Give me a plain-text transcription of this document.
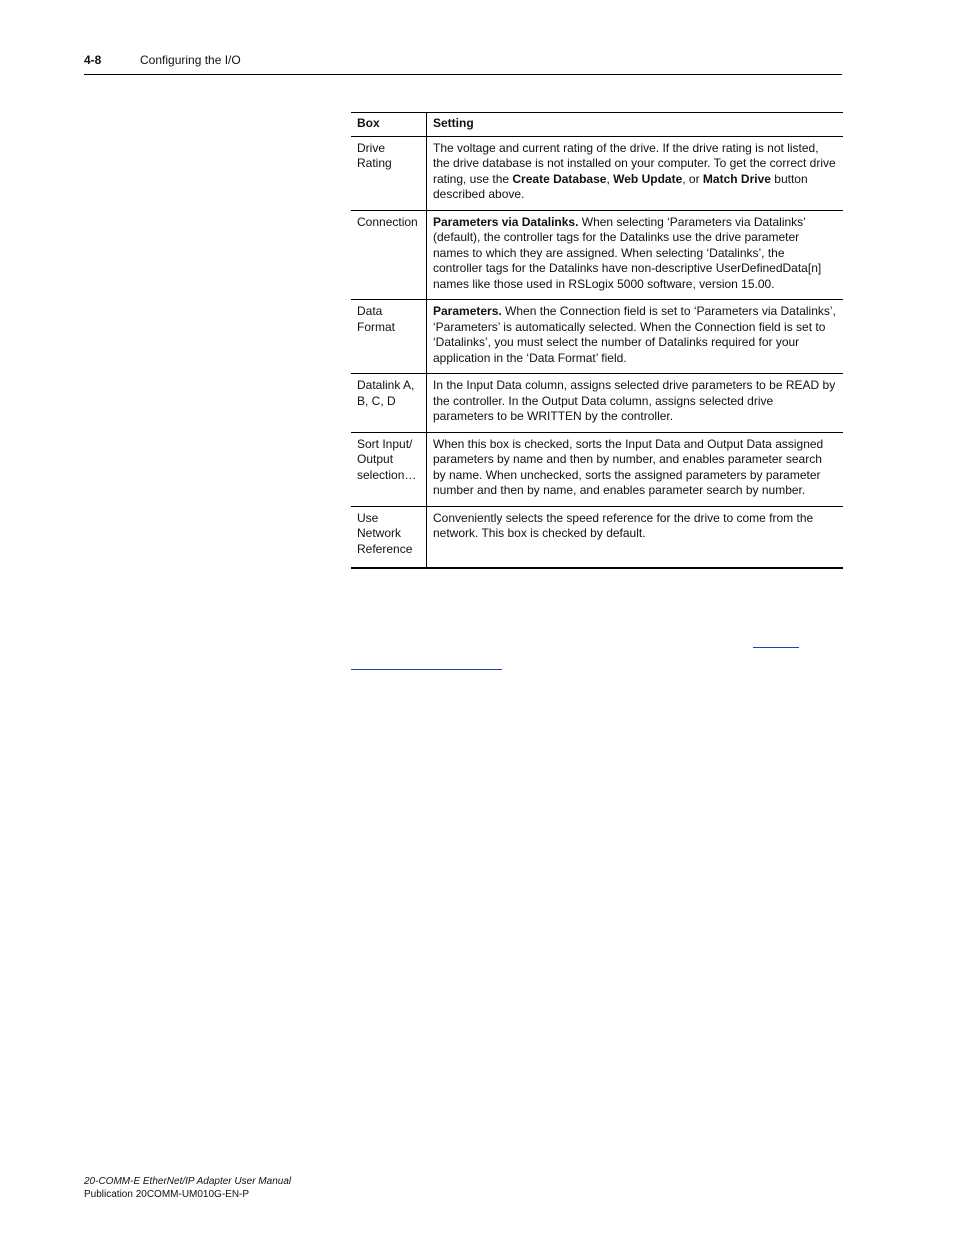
4-8	Configuring the I/O
Box	Setting
Drive Rating	The voltage and current rating of the drive. If the drive rating is not listed, the drive database is not installed on your computer. To get the correct drive rating, use the Create Database, Web Update, or Match Drive button described above.
Connection	Parameters via Datalinks. When selecting ‘Parameters via Datalinks’ (default), the controller tags for the Datalinks use the drive parameter names to which they are assigned. When selecting ‘Datalinks’, the controller tags for the Datalinks have non-descriptive UserDefinedData[n] names like those used in RSLogix 5000 software, version 15.00.
Data Format	Parameters. When the Connection field is set to ‘Parameters via Datalinks’, ‘Parameters’ is automatically selected. When the Connection field is set to ‘Datalinks’, you must select the number of Datalinks required for your application in the ‘Data Format’ field.
Datalink A, B, C, D	In the Input Data column, assigns selected drive parameters to be READ by the controller. In the Output Data column, assigns selected drive parameters to be WRITTEN by the controller.
Sort Input/ Output selection…	When this box is checked, sorts the Input Data and Output Data assigned parameters by name and then by number, and enables parameter search by name. When unchecked, sorts the assigned parameters by parameter number and then by name, and enables parameter search by number.
Use Network Reference	Conveniently selects the speed reference for the drive to come from the network. This box is checked by default.
20-COMM-E EtherNet/IP Adapter User Manual
Publication 20COMM-UM010G-EN-P
